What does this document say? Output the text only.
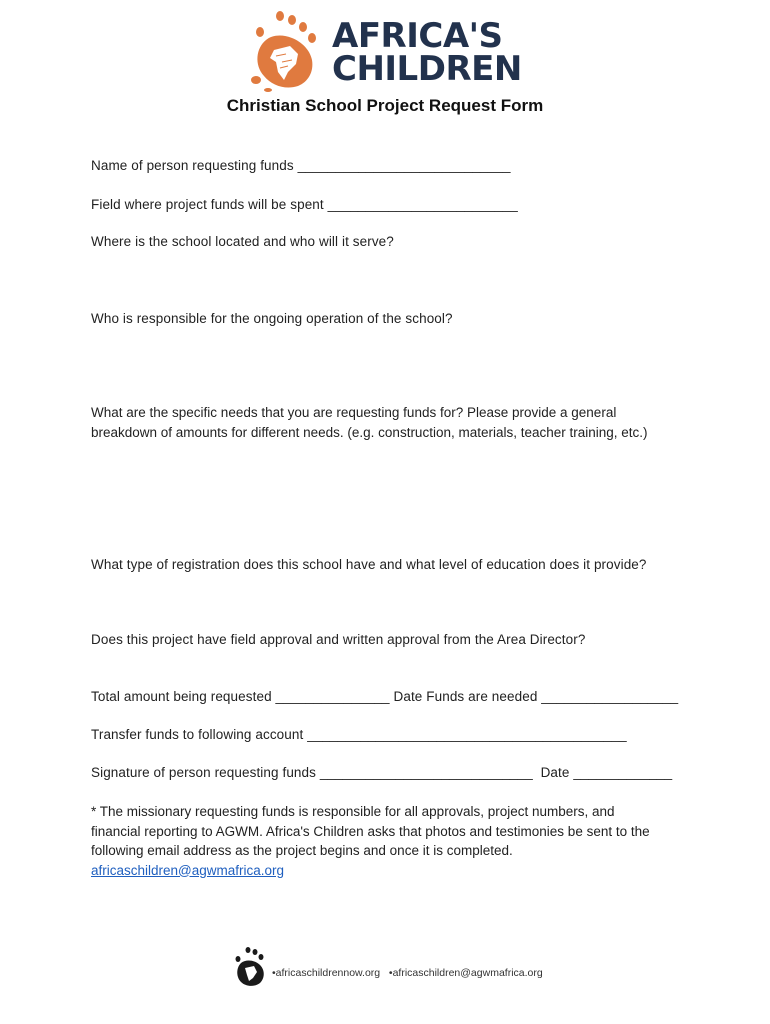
AFRICA'S
CHILDREN
Christian School Project Request Form
Name of person requesting funds ____________________________
Field where project funds will be spent _________________________
Where is the school located and who will it serve?
Who is responsible for the ongoing operation of the school?
What are the specific needs that you are requesting funds for? Please provide a general
breakdown of amounts for different needs. (e.g. construction, materials, teacher training, etc.)
What type of registration does this school have and what level of education does it provide?
Does this project have field approval and written approval from the Area Director?
Total amount being requested _______________ Date Funds are needed __________________
Transfer funds to following account __________________________________________
Signature of person requesting funds ____________________________  Date _____________
* The missionary requesting funds is responsible for all approvals, project numbers, and
financial reporting to AGWM. Africa's Children asks that photos and testimonies be sent to the
following email address as the project begins and once it is completed.
africaschildren@agwmafrica.org
•africaschildrennow.org   •africaschildren@agwmafrica.org
